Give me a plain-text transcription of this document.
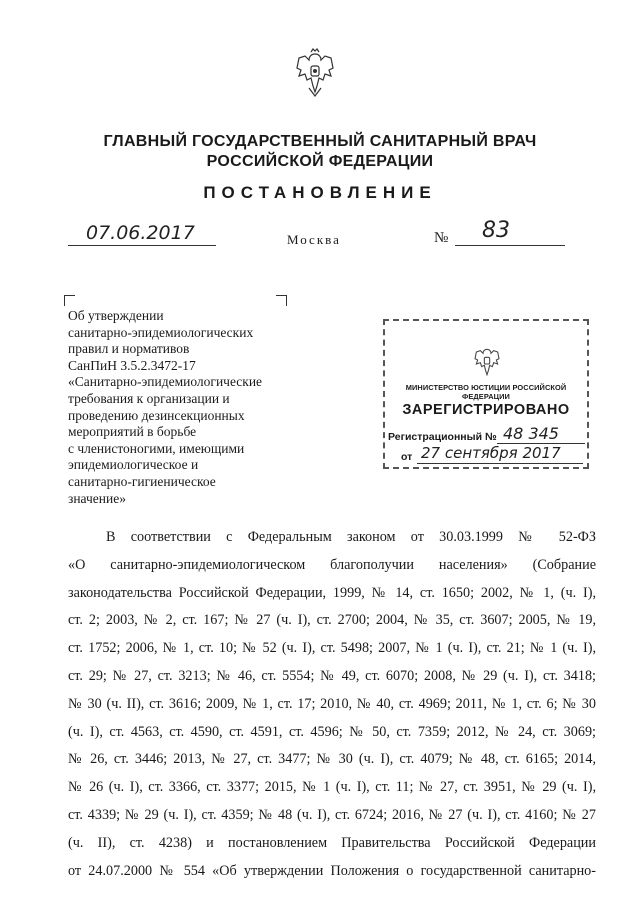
ГЛАВНЫЙ ГОСУДАРСТВЕННЫЙ САНИТАРНЫЙ ВРАЧ
РОССИЙСКОЙ ФЕДЕРАЦИИ
ПОСТАНОВЛЕНИЕ
07.06.2017	Москва	№ 83
Об утверждении
санитарно-эпидемиологических
правил и нормативов
СанПиН 3.5.2.3472-17
«Санитарно-эпидемиологические
требования к организации и
проведению дезинсекционных
мероприятий в борьбе
с членистоногими, имеющими
эпидемиологическое и
санитарно-гигиеническое
значение»
МИНИСТЕРСТВО ЮСТИЦИИ РОССИЙСКОЙ ФЕДЕРАЦИИ
ЗАРЕГИСТРИРОВАНО
Регистрационный № 48 345
от 27 сентября 2017
В соответствии с Федеральным законом от 30.03.1999 № 52-ФЗ
«О санитарно-эпидемиологическом благополучии населения» (Собрание
законодательства Российской Федерации, 1999, № 14, ст. 1650; 2002, № 1, (ч. I),
ст. 2; 2003, № 2, ст. 167; № 27 (ч. I), ст. 2700; 2004, № 35, ст. 3607; 2005, № 19,
ст. 1752; 2006, № 1, ст. 10; № 52 (ч. I), ст. 5498; 2007, № 1 (ч. I), ст. 21; № 1 (ч. I),
ст. 29; № 27, ст. 3213; № 46, ст. 5554; № 49, ст. 6070; 2008, № 29 (ч. I), ст. 3418;
№ 30 (ч. II), ст. 3616; 2009, № 1, ст. 17; 2010, № 40, ст. 4969; 2011, № 1, ст. 6; № 30
(ч. I), ст. 4563, ст. 4590, ст. 4591, ст. 4596; № 50, ст. 7359; 2012, № 24, ст. 3069;
№ 26, ст. 3446; 2013, № 27, ст. 3477; № 30 (ч. I), ст. 4079; № 48, ст. 6165; 2014,
№ 26 (ч. I), ст. 3366, ст. 3377; 2015, № 1 (ч. I), ст. 11; № 27, ст. 3951, № 29 (ч. I),
ст. 4339; № 29 (ч. I), ст. 4359; № 48 (ч. I), ст. 6724; 2016, № 27 (ч. I), ст. 4160; № 27
(ч. II), ст. 4238) и постановлением Правительства Российской Федерации
от 24.07.2000 № 554 «Об утверждении Положения о государственной санитарно-
